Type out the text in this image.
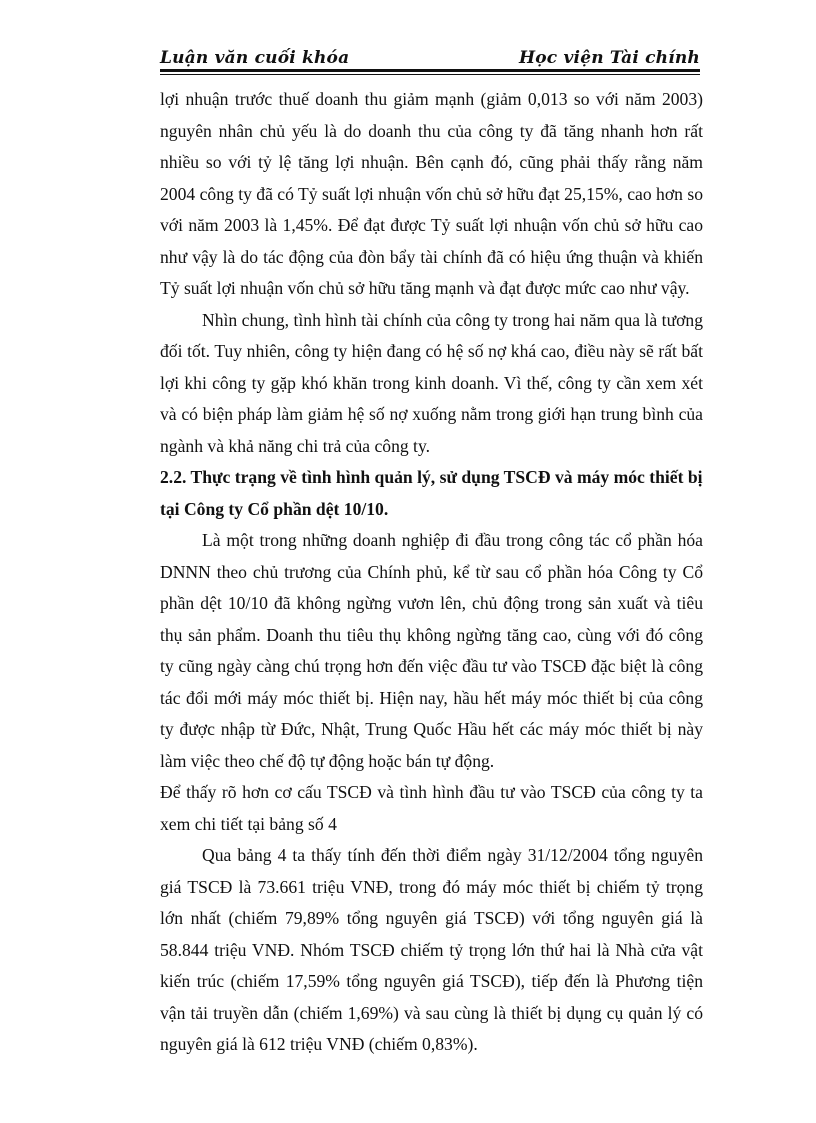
Luận văn cuối khóa	Học viện Tài chính

lợi nhuận trước thuế doanh thu giảm mạnh (giảm 0,013 so với năm 2003) nguyên nhân chủ yếu là do doanh thu của công ty đã tăng nhanh hơn rất nhiều so với tỷ lệ tăng lợi nhuận. Bên cạnh đó, cũng phải thấy rằng năm 2004 công ty đã có Tỷ suất lợi nhuận vốn chủ sở hữu đạt 25,15%, cao hơn so với năm 2003 là 1,45%. Để đạt được Tỷ suất lợi nhuận vốn chủ sở hữu cao như vậy là do tác động của đòn bẩy tài chính đã có hiệu ứng thuận và khiến Tỷ suất lợi nhuận vốn chủ sở hữu tăng mạnh và đạt được mức cao như vậy.

Nhìn chung, tình hình tài chính của công ty trong hai năm qua là tương đối tốt. Tuy nhiên, công ty hiện đang có hệ số nợ khá cao, điều này sẽ rất bất lợi khi công ty gặp khó khăn trong kinh doanh. Vì thế, công ty cần xem xét và có biện pháp làm giảm hệ số nợ xuống nằm trong giới hạn trung bình của ngành và khả năng chi trả của công ty.

2.2. Thực trạng về tình hình quản lý, sử dụng TSCĐ và máy móc thiết bị
tại Công ty Cổ phần dệt 10/10.

Là một trong những doanh nghiệp đi đầu trong công tác cổ phần hóa DNNN theo chủ trương của Chính phủ, kể từ sau cổ phần hóa Công ty Cổ phần dệt 10/10 đã không ngừng vươn lên, chủ động trong sản xuất và tiêu thụ sản phẩm. Doanh thu tiêu thụ không ngừng tăng cao, cùng với đó công ty cũng ngày càng chú trọng hơn đến việc đầu tư vào TSCĐ đặc biệt là công tác đổi mới máy móc thiết bị. Hiện nay, hầu hết máy móc thiết bị của công ty được nhập từ Đức, Nhật, Trung Quốc Hầu hết các máy móc thiết bị này làm việc theo chế độ tự động hoặc bán tự động.

Để thấy rõ hơn cơ cấu TSCĐ và tình hình đầu tư vào TSCĐ của công ty ta xem chi tiết tại bảng số 4

Qua bảng 4 ta thấy tính đến thời điểm ngày 31/12/2004 tổng nguyên giá TSCĐ là 73.661 triệu VNĐ, trong đó máy móc thiết bị chiếm tỷ trọng lớn nhất (chiếm 79,89% tổng nguyên giá TSCĐ) với tổng nguyên giá là 58.844 triệu VNĐ. Nhóm TSCĐ chiếm tỷ trọng lớn thứ hai là Nhà cửa vật kiến trúc (chiếm 17,59% tổng nguyên giá TSCĐ), tiếp đến là Phương tiện vận tải truyền dẫn (chiếm 1,69%) và sau cùng là thiết bị dụng cụ quản lý có nguyên giá là 612 triệu VNĐ (chiếm 0,83%).
